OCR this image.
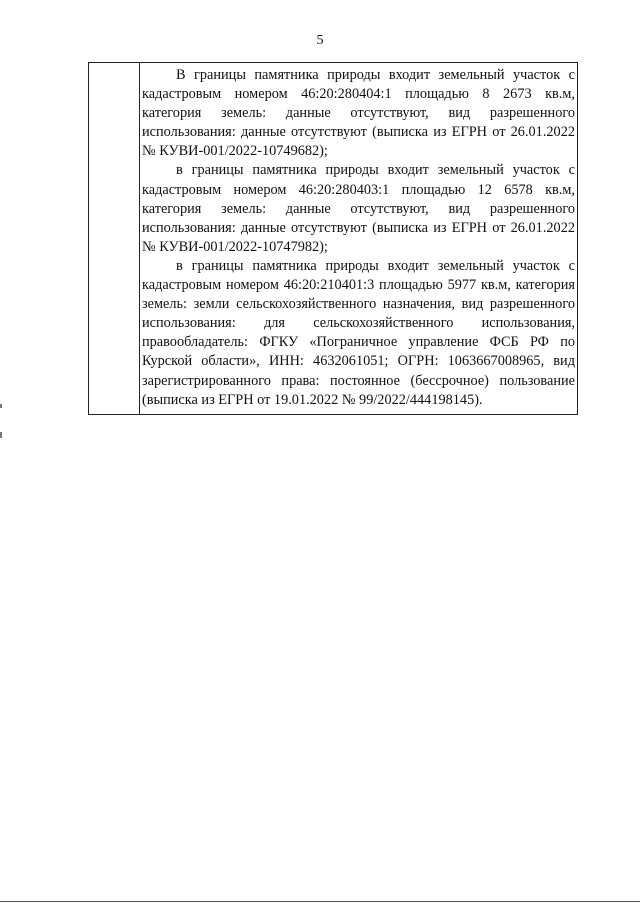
5

В границы памятника природы входит земельный участок с кадастровым номером 46:20:280404:1 площадью 8 2673 кв.м, категория земель: данные отсутствуют, вид разрешенного использования: данные отсутствуют (выписка из ЕГРН от 26.01.2022 № КУВИ-001/2022-10749682);

в границы памятника природы входит земельный участок с кадастровым номером 46:20:280403:1 площадью 12 6578 кв.м, категория земель: данные отсутствуют, вид разрешенного использования: данные отсутствуют (выписка из ЕГРН от 26.01.2022 № КУВИ-001/2022-10747982);

в границы памятника природы входит земельный участок с кадастровым номером 46:20:210401:3 площадью 5977 кв.м, категория земель: земли сельскохозяйственного назначения, вид разрешенного использования: для сельскохозяйственного использования, правообладатель: ФГКУ «Пограничное управление ФСБ РФ по Курской области», ИНН: 4632061051; ОГРН: 1063667008965, вид зарегистрированного права: постоянное (бессрочное) пользование (выписка из ЕГРН от 19.01.2022 № 99/2022/444198145).
